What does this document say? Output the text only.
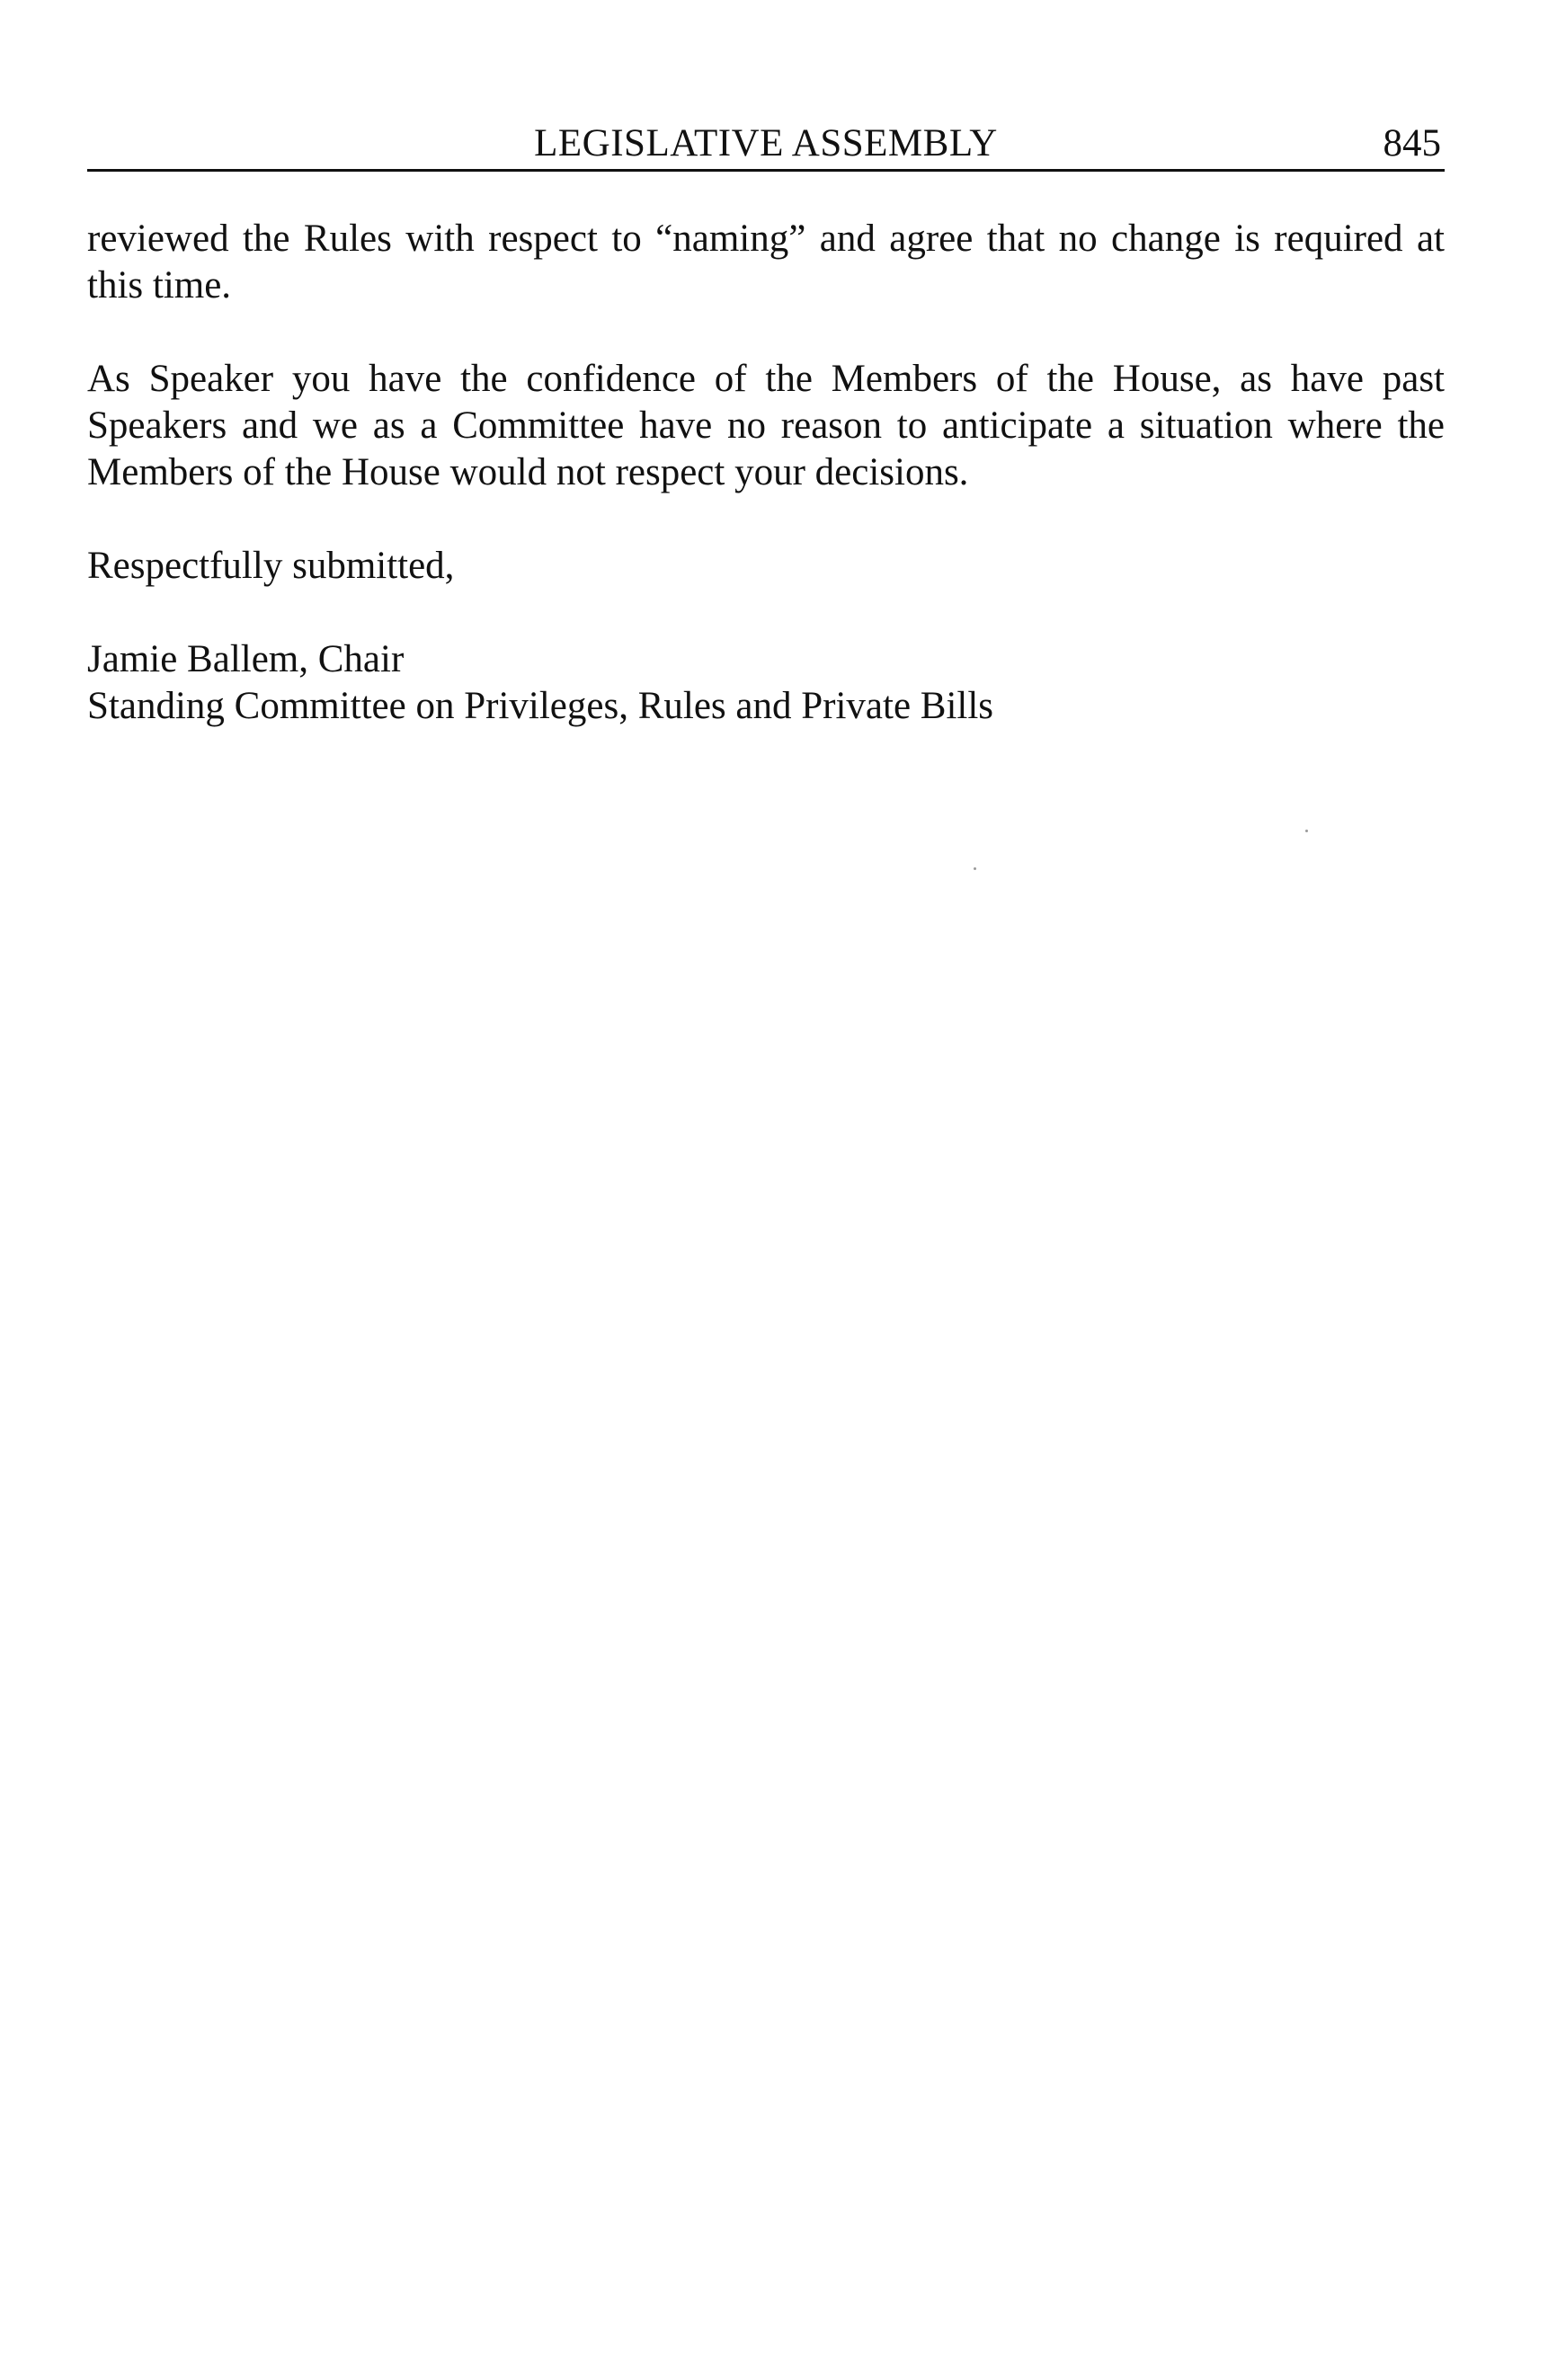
LEGISLATIVE ASSEMBLY	845

reviewed the Rules with respect to “naming” and agree that no change is required at this time.

As Speaker you have the confidence of the Members of the House, as have past Speakers and we as a Committee have no reason to anticipate a situation where the Members of the House would not respect your decisions.

Respectfully submitted,

Jamie Ballem, Chair
Standing Committee on Privileges, Rules and Private Bills
